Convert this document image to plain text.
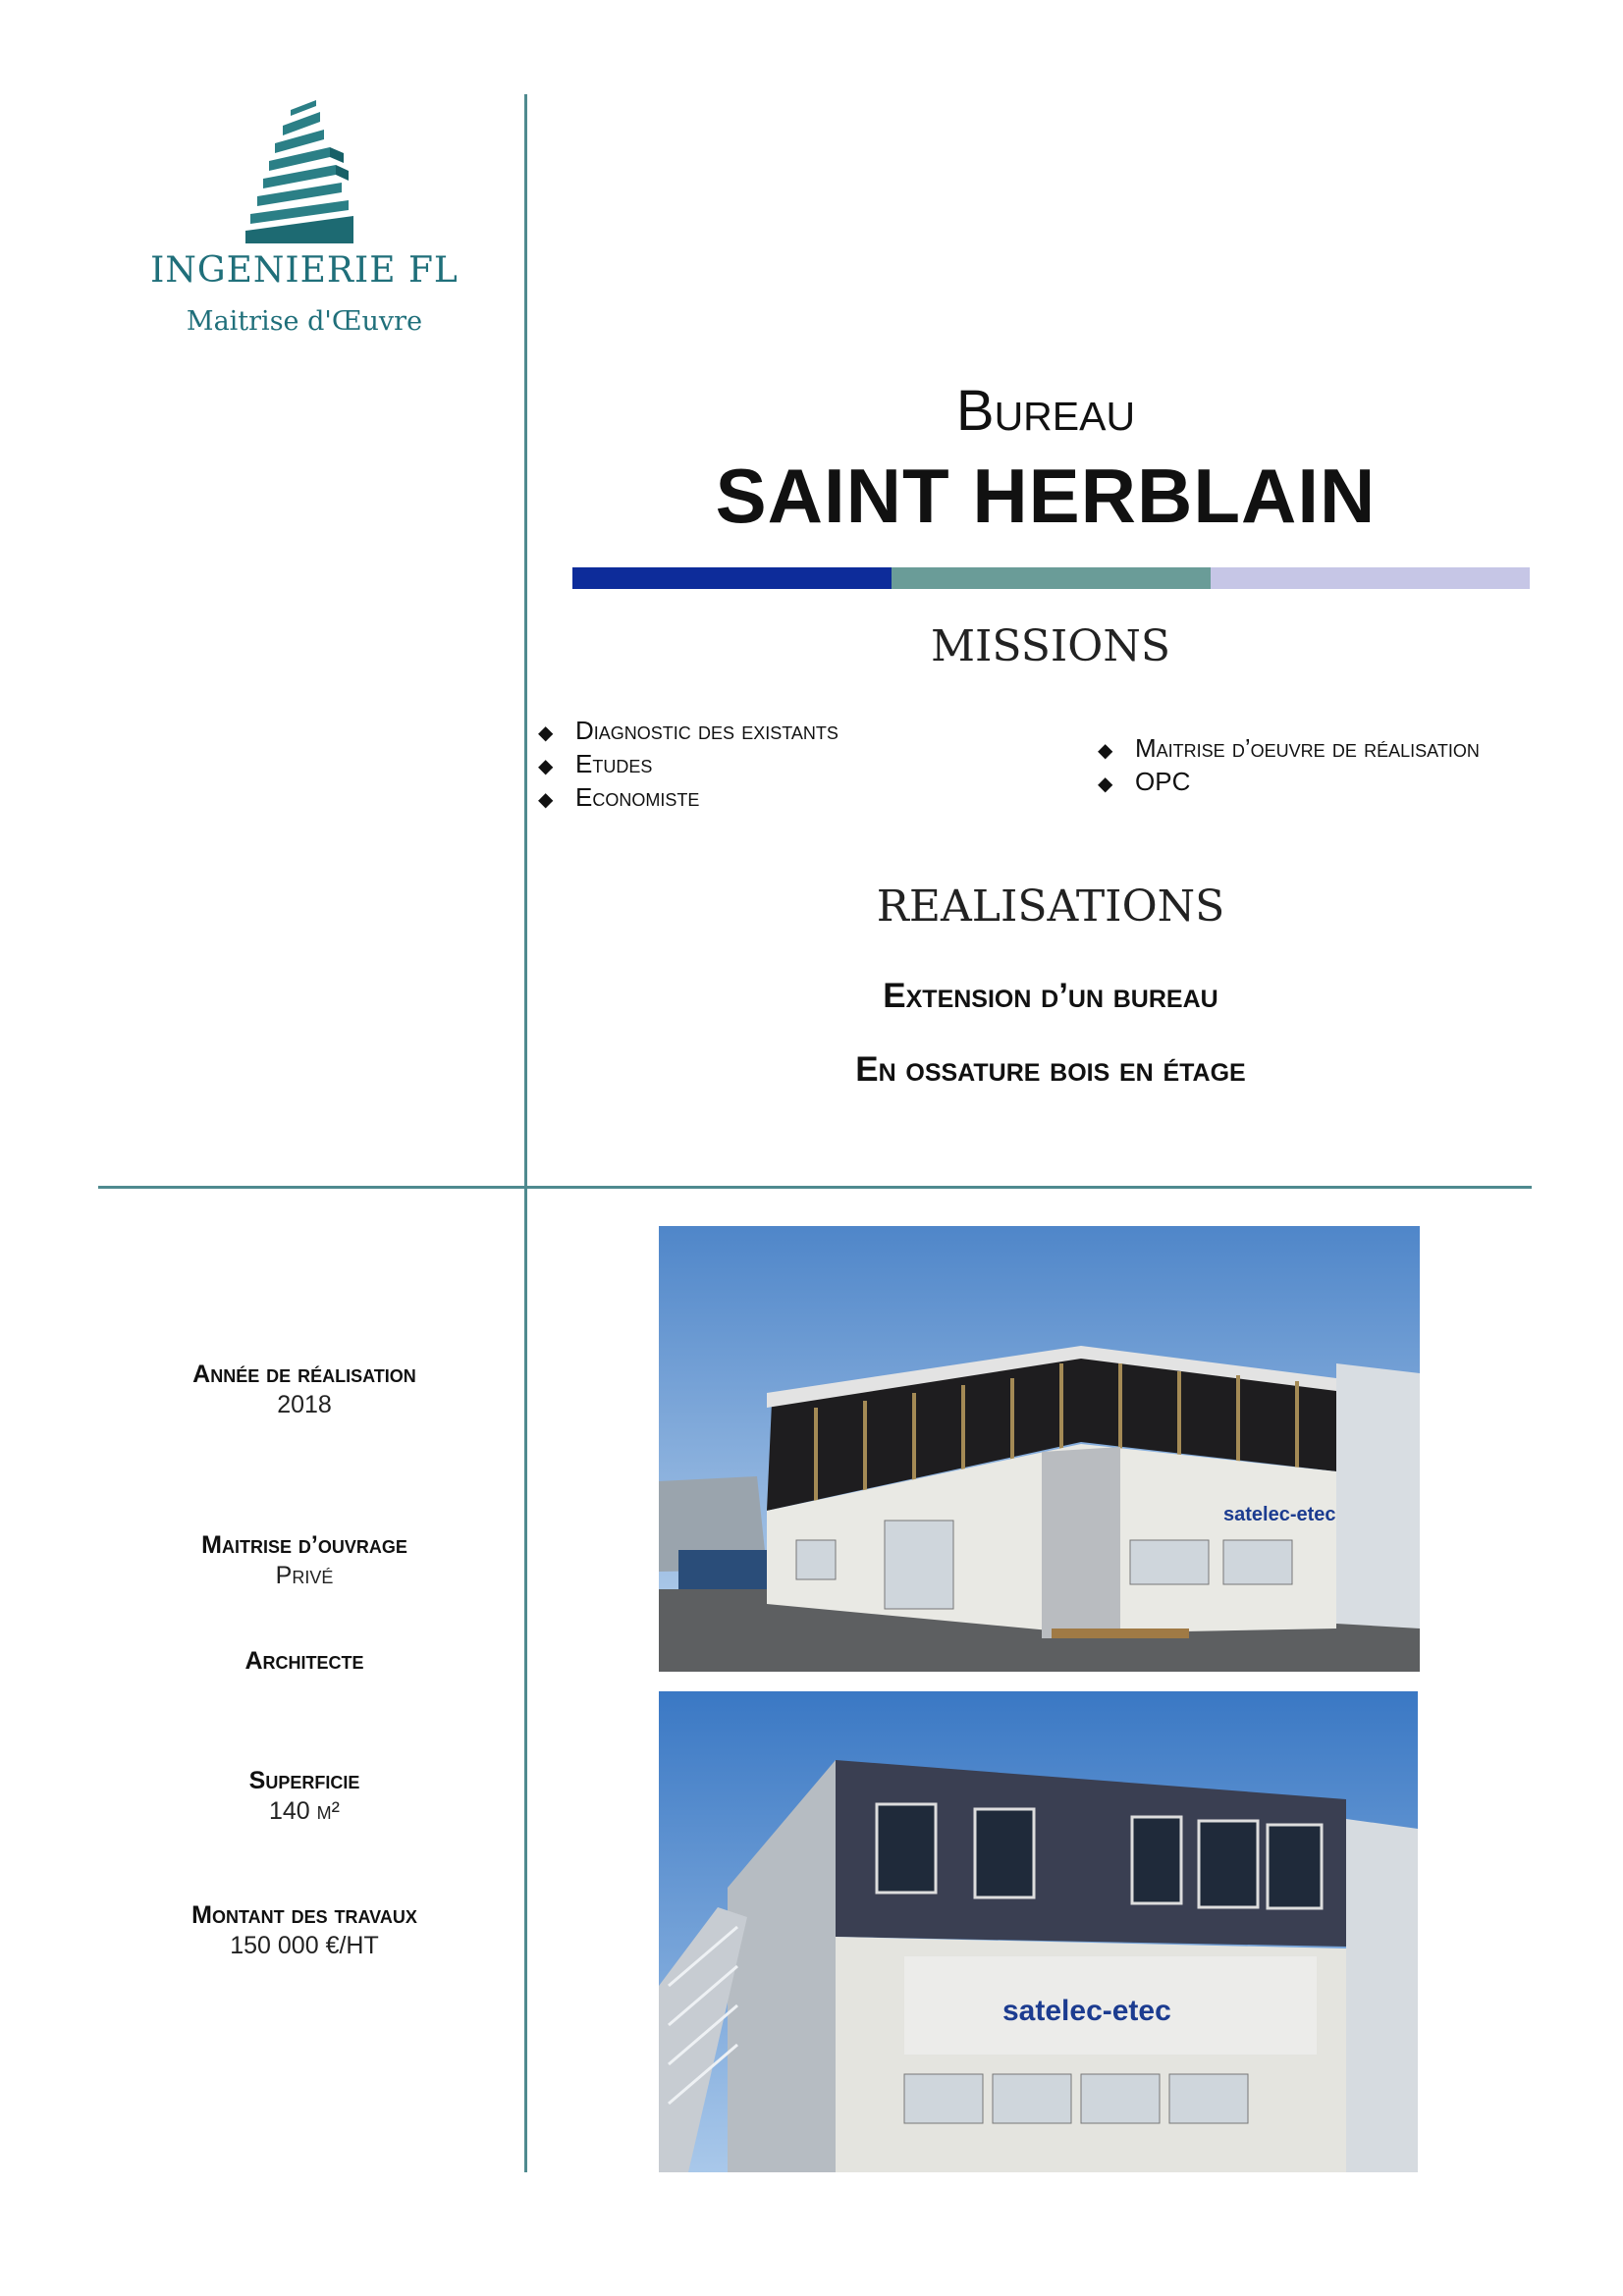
INGENIERIE FL
Maitrise d'Œuvre
Bureau
SAINT HERBLAIN
MISSIONS
◆ Diagnostic des existants
◆ Etudes
◆ Economiste
◆ Maitrise d’oeuvre de réalisation
◆ OPC
REALISATIONS
Extension d’un bureau
En ossature bois en étage
Année de réalisation
2018
Maitrise d’ouvrage
Privé
Architecte
Superficie
140 m²
Montant des travaux
150 000 €/HT
satelec-etec
satelec-etec
